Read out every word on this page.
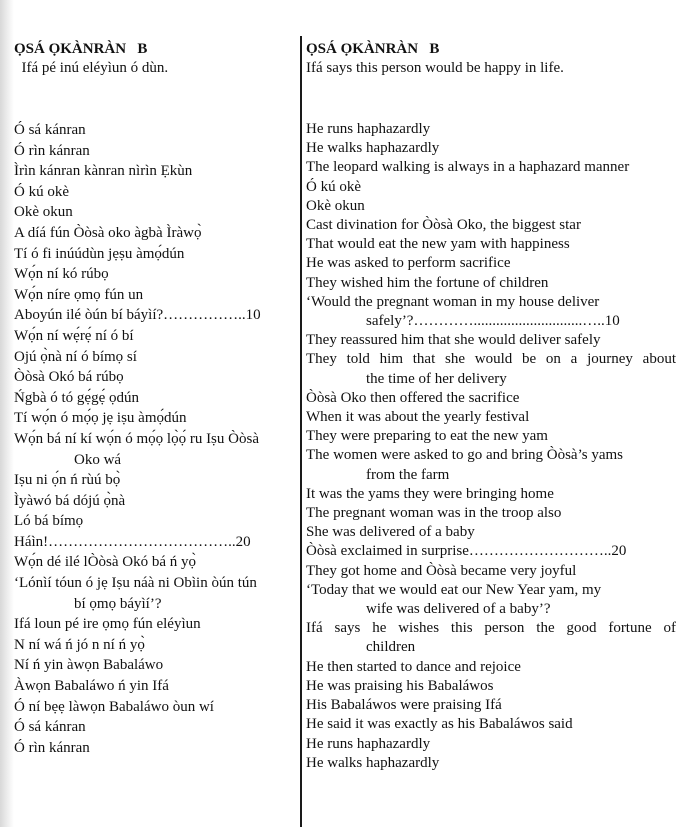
ỌSÁ ỌKÀNRÀN   B
Ifá pé inú eléyìun ó dùn.
Ó sá kánran
Ó rìn kánran
Ìrìn kánran kànran nìrìn Ẹkùn
Ó kú okè
Okè okun
A díá fún Òòsà oko àgbà Ìràwọ̀
Tí ó fi inúúdùn jẹṣu àmọ́dún
Wọ́n ní kó rúbọ
Wọ́n níre ọmọ fún un
Aboyún ilé òún bí báyìí?……………..10
Wọ́n ní wẹ́rẹ́ ní ó bí
Ojú ọ̀nà ní ó bímọ sí
Òòsà Okó bá rúbọ
Ńgbà ó tó gẹ́gẹ́ ọdún
Tí wọ́n ó mọ́ọ jẹ iṣu àmọ́dún
Wọ́n bá ní kí wọ́n ó mọ́ọ lọ̀ọ́ ru Iṣu Òòsà
Oko wá
Iṣu ni ọ́n ń rùú bọ̀
Ìyàwó bá dójú ọ̀nà
Ló bá bímọ
Háìn!………………………………..20
Wọ́n dé ilé lÒòsà Okó bá ń yọ̀
‘Lónìí tóun ó jẹ Iṣu náà ni Obìin òún tún
bí ọmọ báyìí’?
Ifá loun pé ire ọmọ fún eléyìun
N ní wá ń jó n ní ń yọ̀
Ní ń yin àwọn Babaláwo
Àwọn Babaláwo ń yin Ifá
Ó ní bẹẹ làwọn Babaláwo òun wí
Ó sá kánran
Ó rìn kánran
ỌSÁ ỌKÀNRÀN   B
Ifá says this person would be happy in life.
He runs haphazardly
He walks haphazardly
The leopard walking is always in a haphazard manner
Ó kú okè
Okè okun
Cast divination for Òòsà Oko, the biggest star
That would eat the new yam with happiness
He was asked to perform sacrifice
They wished him the fortune of children
‘Would the pregnant woman in my house deliver
safely’?………….............................…..10
They reassured him that she would deliver safely
They told him that she would be on a journey about
the time of her delivery
Òòsà Oko then offered the sacrifice
When it was about the yearly festival
They were preparing to eat the new yam
The women were asked to go and bring Òòsà’s yams
from the farm
It was the yams they were bringing home
The pregnant woman was in the troop also
She was delivered of a baby
Òòsà exclaimed in surprise………………………..20
They got home and Òòsà became very joyful
‘Today that we would eat our New Year yam, my
wife was delivered of a baby’?
Ifá says he wishes this person the good fortune of
children
He then started to dance and rejoice
He was praising his Babaláwos
His Babaláwos were praising Ifá
He said it was exactly as his Babaláwos said
He runs haphazardly
He walks haphazardly
